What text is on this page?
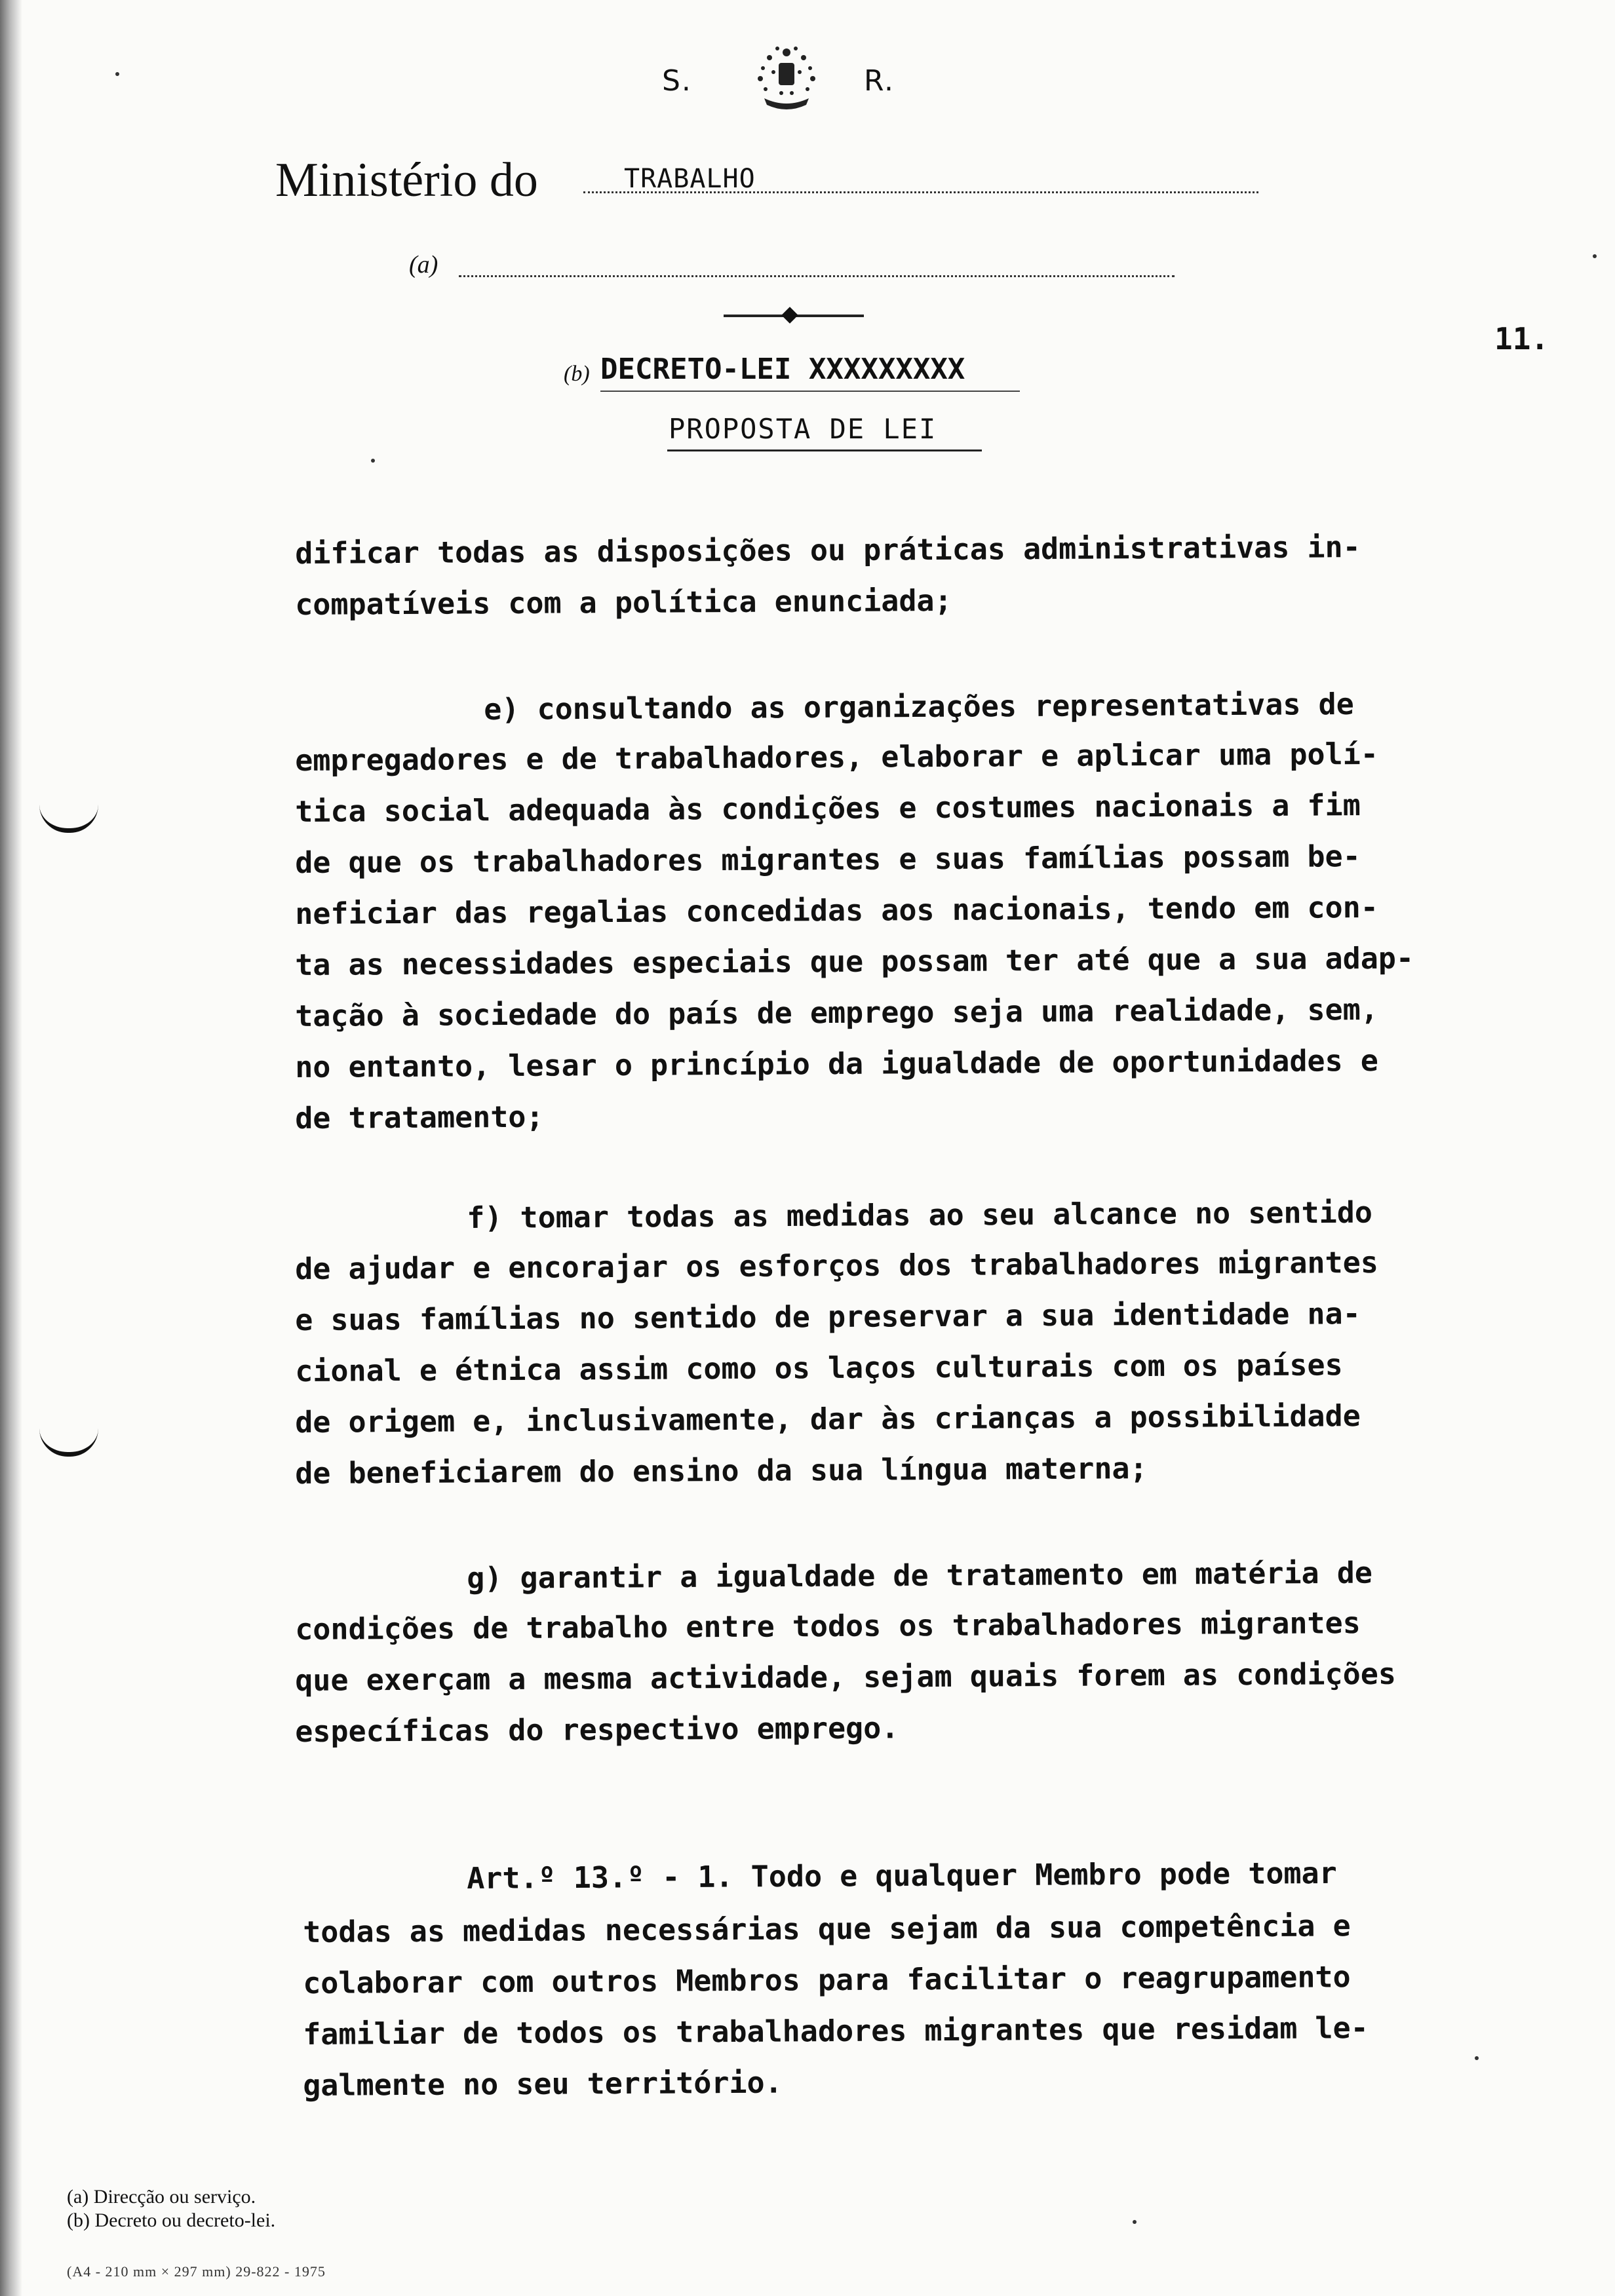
S.	R.
Ministério do	TRABALHO
(a)
11.
(b) DECRETO-LEI XXXXXXXXX
PROPOSTA DE LEI
dificar todas as disposições ou práticas administrativas in-
compatíveis com a política enunciada;
e) consultando as organizações representativas de
empregadores e de trabalhadores, elaborar e aplicar uma polí-
tica social adequada às condições e costumes nacionais a fim
de que os trabalhadores migrantes e suas famílias possam be-
neficiar das regalias concedidas aos nacionais, tendo em con-
ta as necessidades especiais que possam ter até que a sua adap-
tação à sociedade do país de emprego seja uma realidade, sem,
no entanto, lesar o princípio da igualdade de oportunidades e
de tratamento;
f) tomar todas as medidas ao seu alcance no sentido
de ajudar e encorajar os esforços dos trabalhadores migrantes
e suas famílias no sentido de preservar a sua identidade na-
cional e étnica assim como os laços culturais com os países
de origem e, inclusivamente, dar às crianças a possibilidade
de beneficiarem do ensino da sua língua materna;
g) garantir a igualdade de tratamento em matéria de
condições de trabalho entre todos os trabalhadores migrantes
que exerçam a mesma actividade, sejam quais forem as condições
específicas do respectivo emprego.
Art.º 13.º - 1. Todo e qualquer Membro pode tomar
todas as medidas necessárias que sejam da sua competência e
colaborar com outros Membros para facilitar o reagrupamento
familiar de todos os trabalhadores migrantes que residam le-
galmente no seu território.
(a) Direcção ou serviço.
(b) Decreto ou decreto-lei.
(A4 - 210 mm × 297 mm) 29-822 - 1975
